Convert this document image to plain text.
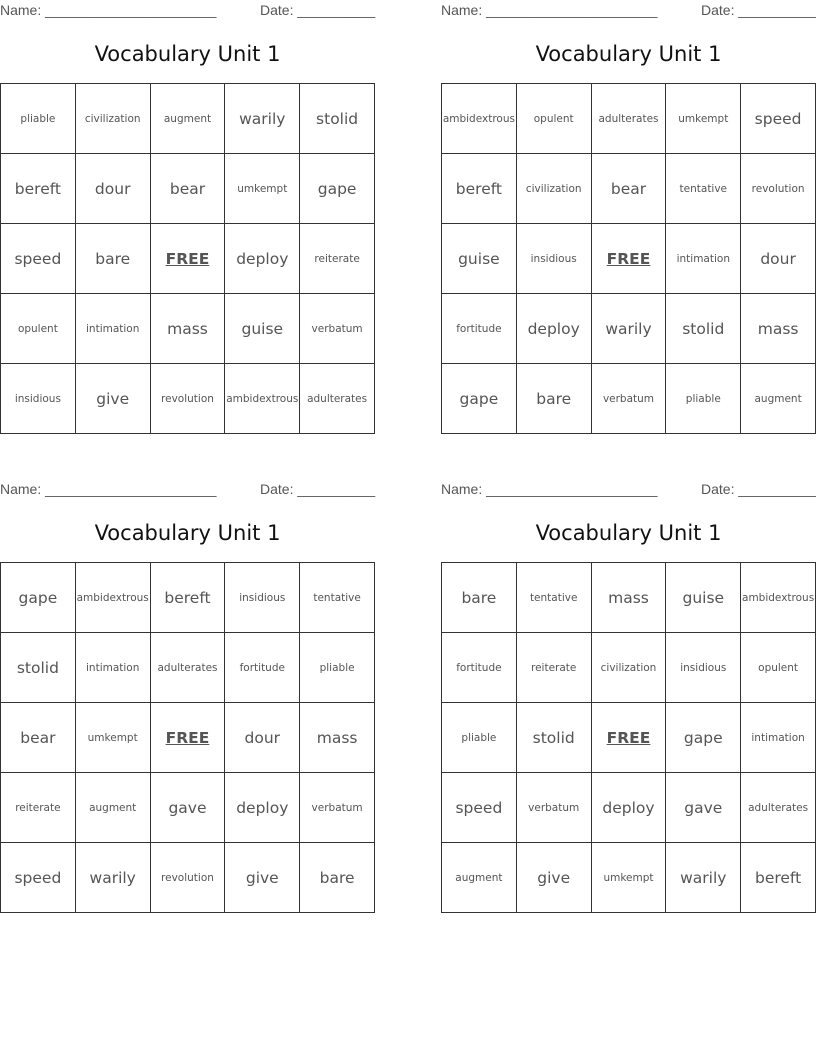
Name: ______________________	Date: __________
Vocabulary Unit 1
pliable	civilization	augment	warily	stolid
bereft	dour	bear	umkempt	gape
speed	bare	FREE	deploy	reiterate
opulent	intimation	mass	guise	verbatum
insidious	give	revolution	ambidextrous	adulterates
Name: ______________________	Date: __________
Vocabulary Unit 1
ambidextrous	opulent	adulterates	umkempt	speed
bereft	civilization	bear	tentative	revolution
guise	insidious	FREE	intimation	dour
fortitude	deploy	warily	stolid	mass
gape	bare	verbatum	pliable	augment
Name: ______________________	Date: __________
Vocabulary Unit 1
gape	ambidextrous	bereft	insidious	tentative
stolid	intimation	adulterates	fortitude	pliable
bear	umkempt	FREE	dour	mass
reiterate	augment	gave	deploy	verbatum
speed	warily	revolution	give	bare
Name: ______________________	Date: __________
Vocabulary Unit 1
bare	tentative	mass	guise	ambidextrous
fortitude	reiterate	civilization	insidious	opulent
pliable	stolid	FREE	gape	intimation
speed	verbatum	deploy	gave	adulterates
augment	give	umkempt	warily	bereft
